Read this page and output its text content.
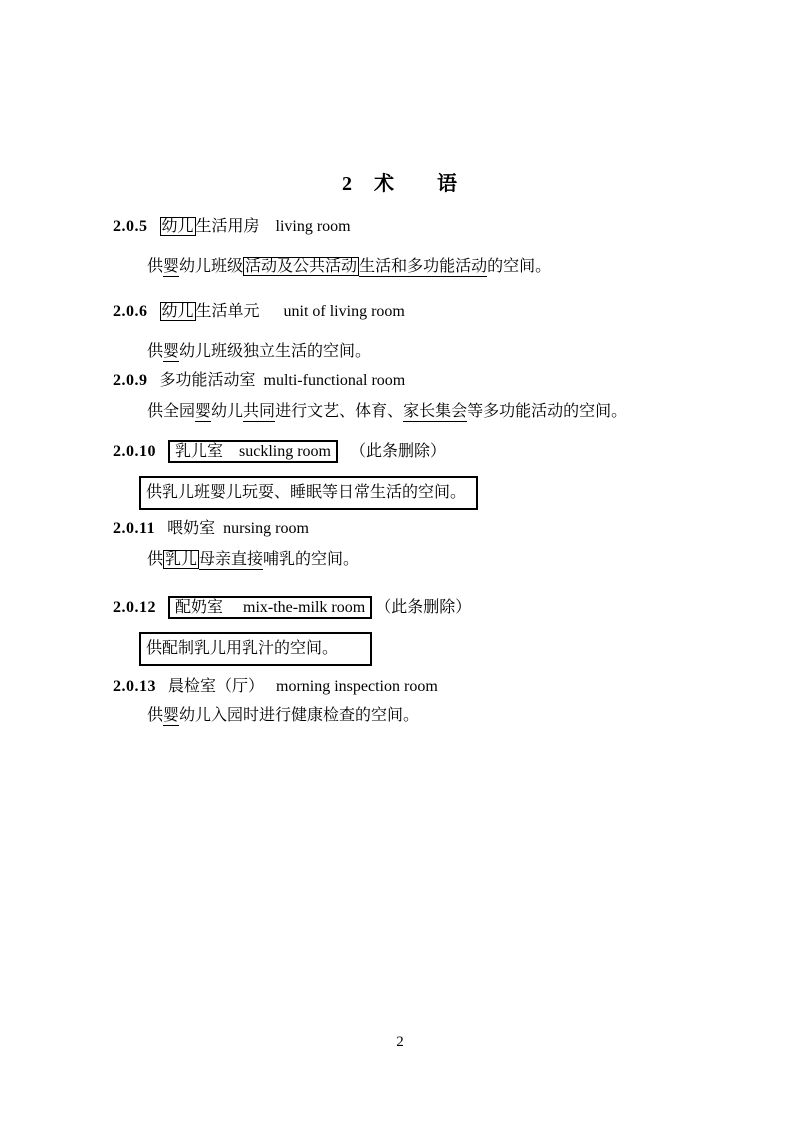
2　术　　语
2.0.5 幼儿 生活用房　living room
供婴幼儿班级 活动及公共活动 生活和多功能活动的空间。
2.0.6 幼儿 生活单元　  unit of living room
供婴幼儿班级独立生活的空间。
2.0.9 多功能活动室  multi-functional room
供全园婴幼儿共同进行文艺、体育、家长集会等多功能活动的空间。
2.0.10 乳儿室　suckling room （此条删除）
供乳儿班婴儿玩耍、睡眠等日常生活的空间。
2.0.11 喂奶室  nursing room
供 乳儿 母亲直接哺乳的空间。
2.0.12 配奶室　 mix-the-milk room （此条删除）
供配制乳儿用乳汁的空间。
2.0.13 晨检室（厅）　 morning inspection room
供婴幼儿入园时进行健康检查的空间。
2
